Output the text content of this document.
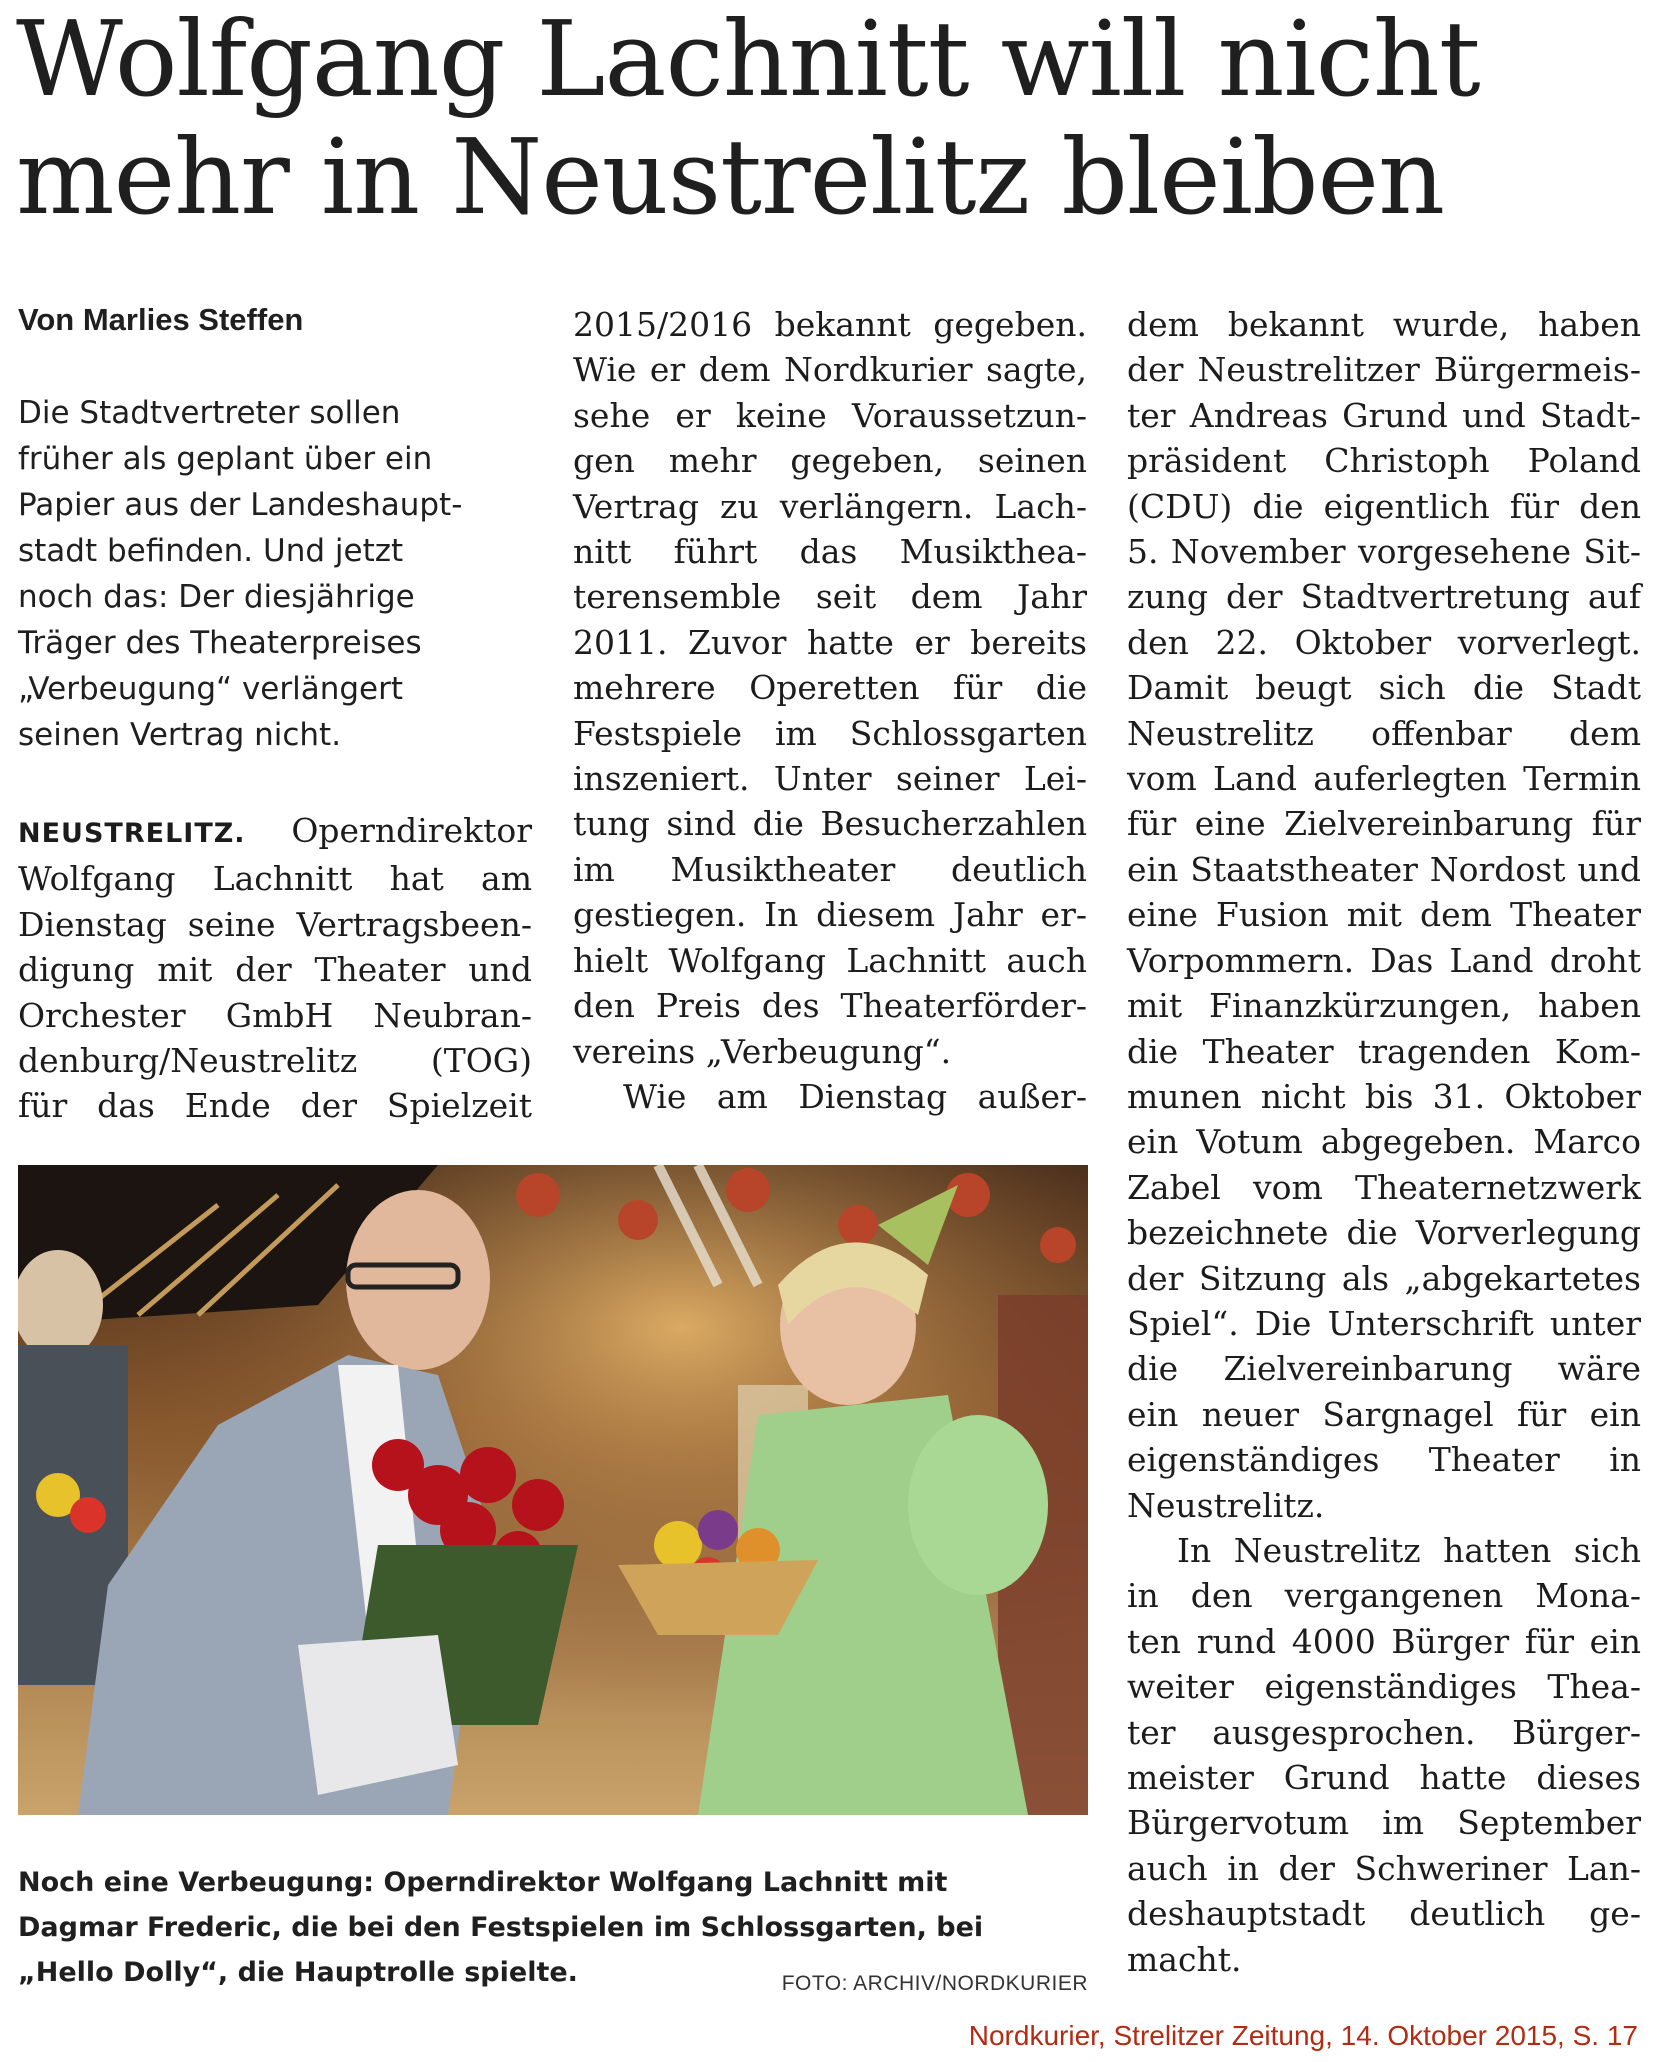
Wolfgang Lachnitt will nicht
mehr in Neustrelitz bleiben
Von Marlies Steffen
Die Stadtvertreter sollen
früher als geplant über ein
Papier aus der Landeshaupt-
stadt befinden. Und jetzt
noch das: Der diesjährige
Träger des Theaterpreises
„Verbeugung“ verlängert
seinen Vertrag nicht.
NEUSTRELITZ. Operndirektor
Wolfgang Lachnitt hat am
Dienstag seine Vertragsbeen-
digung mit der Theater und
Orchester GmbH Neubran-
denburg/Neustrelitz (TOG)
für das Ende der Spielzeit
2015/2016 bekannt gegeben.
Wie er dem Nordkurier sagte,
sehe er keine Voraussetzun-
gen mehr gegeben, seinen
Vertrag zu verlängern. Lach-
nitt führt das Musikthea-
terensemble seit dem Jahr
2011. Zuvor hatte er bereits
mehrere Operetten für die
Festspiele im Schlossgarten
inszeniert. Unter seiner Lei-
tung sind die Besucherzahlen
im Musiktheater deutlich
gestiegen. In diesem Jahr er-
hielt Wolfgang Lachnitt auch
den Preis des Theaterförder-
vereins „Verbeugung“.
Wie am Dienstag außer-
dem bekannt wurde, haben
der Neustrelitzer Bürgermeis-
ter Andreas Grund und Stadt-
präsident Christoph Poland
(CDU) die eigentlich für den
5. November vorgesehene Sit-
zung der Stadtvertretung auf
den 22. Oktober vorverlegt.
Damit beugt sich die Stadt
Neustrelitz offenbar dem
vom Land auferlegten Termin
für eine Zielvereinbarung für
ein Staatstheater Nordost und
eine Fusion mit dem Theater
Vorpommern. Das Land droht
mit Finanzkürzungen, haben
die Theater tragenden Kom-
munen nicht bis 31. Oktober
ein Votum abgegeben. Marco
Zabel vom Theaternetzwerk
bezeichnete die Vorverlegung
der Sitzung als „abgekartetes
Spiel“. Die Unterschrift unter
die Zielvereinbarung wäre
ein neuer Sargnagel für ein
eigenständiges Theater in
Neustrelitz.
In Neustrelitz hatten sich
in den vergangenen Mona-
ten rund 4000 Bürger für ein
weiter eigenständiges Thea-
ter ausgesprochen. Bürger-
meister Grund hatte dieses
Bürgervotum im September
auch in der Schweriner Lan-
deshauptstadt deutlich ge-
macht.
Noch eine Verbeugung: Operndirektor Wolfgang Lachnitt mit
Dagmar Frederic, die bei den Festspielen im Schlossgarten, bei
„Hello Dolly“, die Hauptrolle spielte.	FOTO: ARCHIV/NORDKURIER
Nordkurier, Strelitzer Zeitung, 14. Oktober 2015, S. 17
